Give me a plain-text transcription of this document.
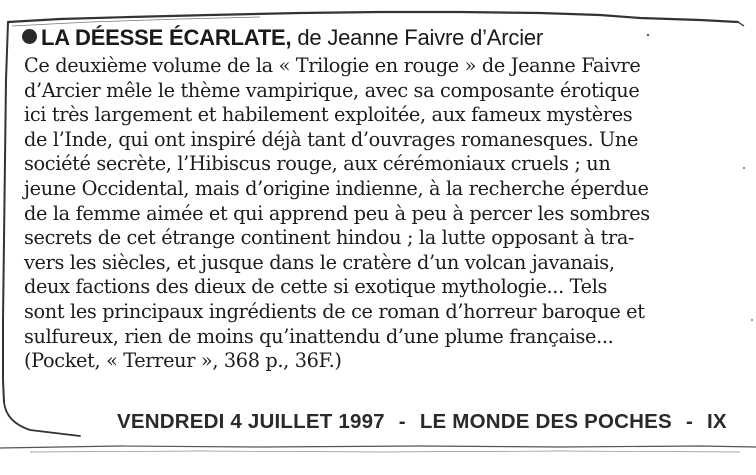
LA DÉESSE ÉCARLATE, de Jeanne Faivre d’Arcier
Ce deuxième volume de la « Trilogie en rouge » de Jeanne Faivre
d’Arcier mêle le thème vampirique, avec sa composante érotique
ici très largement et habilement exploitée, aux fameux mystères
de l’Inde, qui ont inspiré déjà tant d’ouvrages romanesques. Une
société secrète, l’Hibiscus rouge, aux cérémoniaux cruels ; un
jeune Occidental, mais d’origine indienne, à la recherche éperdue
de la femme aimée et qui apprend peu à peu à percer les sombres
secrets de cet étrange continent hindou ; la lutte opposant à tra-
vers les siècles, et jusque dans le cratère d’un volcan javanais,
deux factions des dieux de cette si exotique mythologie... Tels
sont les principaux ingrédients de ce roman d’horreur baroque et
sulfureux, rien de moins qu’inattendu d’une plume française...
(Pocket, « Terreur », 368 p., 36F.)
VENDREDI 4 JUILLET 1997 - LE MONDE DES POCHES - IX
